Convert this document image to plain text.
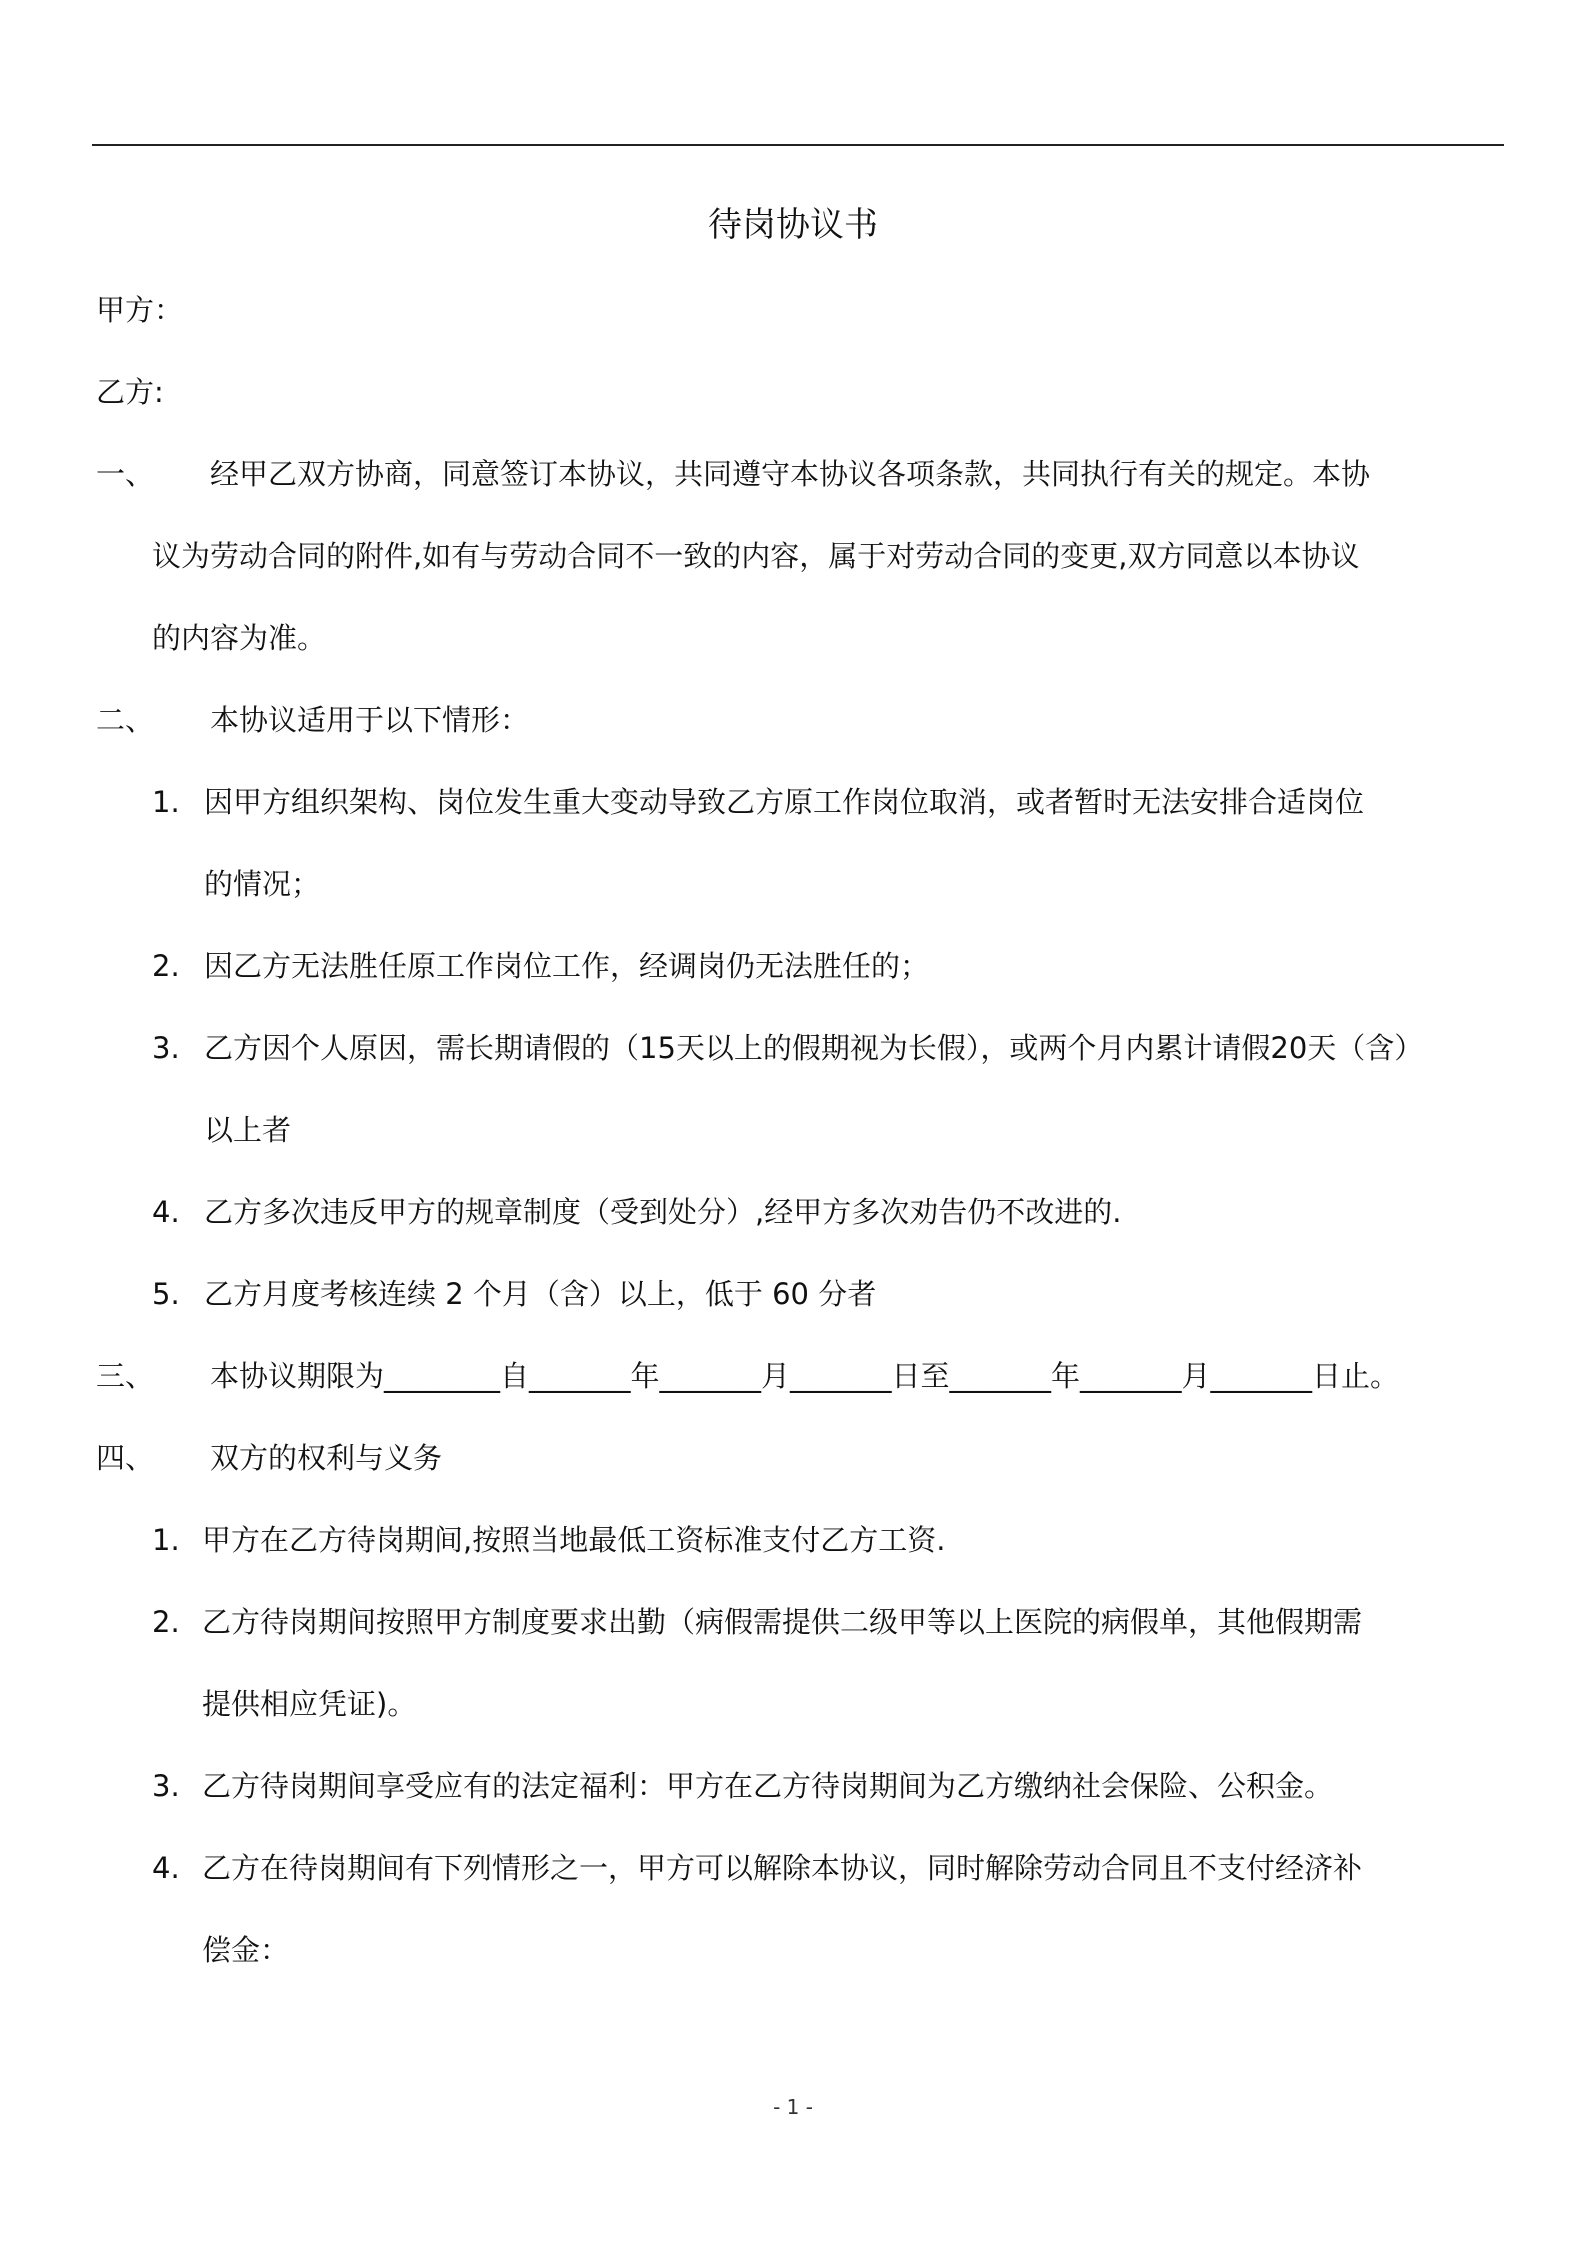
待岗协议书
甲方：
乙方:
一、 经甲乙双方协商，同意签订本协议，共同遵守本协议各项条款，共同执行有关的规定。本协
议为劳动合同的附件,如有与劳动合同不一致的内容，属于对劳动合同的变更,双方同意以本协议
的内容为准。
二、 本协议适用于以下情形：
1. 因甲方组织架构、岗位发生重大变动导致乙方原工作岗位取消，或者暂时无法安排合适岗位
的情况；
2. 因乙方无法胜任原工作岗位工作，经调岗仍无法胜任的；
3. 乙方因个人原因，需长期请假的（15天以上的假期视为长假），或两个月内累计请假20天（含）
以上者
4. 乙方多次违反甲方的规章制度（受到处分）,经甲方多次劝告仍不改进的.
5. 乙方月度考核连续 2 个月（含）以上，低于 60 分者
三、 本协议期限为________自_______年_______月_______日至_______年_______月_______日止。
四、 双方的权利与义务
1. 甲方在乙方待岗期间,按照当地最低工资标准支付乙方工资.
2. 乙方待岗期间按照甲方制度要求出勤（病假需提供二级甲等以上医院的病假单，其他假期需
提供相应凭证)。
3. 乙方待岗期间享受应有的法定福利：甲方在乙方待岗期间为乙方缴纳社会保险、公积金。
4. 乙方在待岗期间有下列情形之一，甲方可以解除本协议，同时解除劳动合同且不支付经济补
偿金：
- 1 -
